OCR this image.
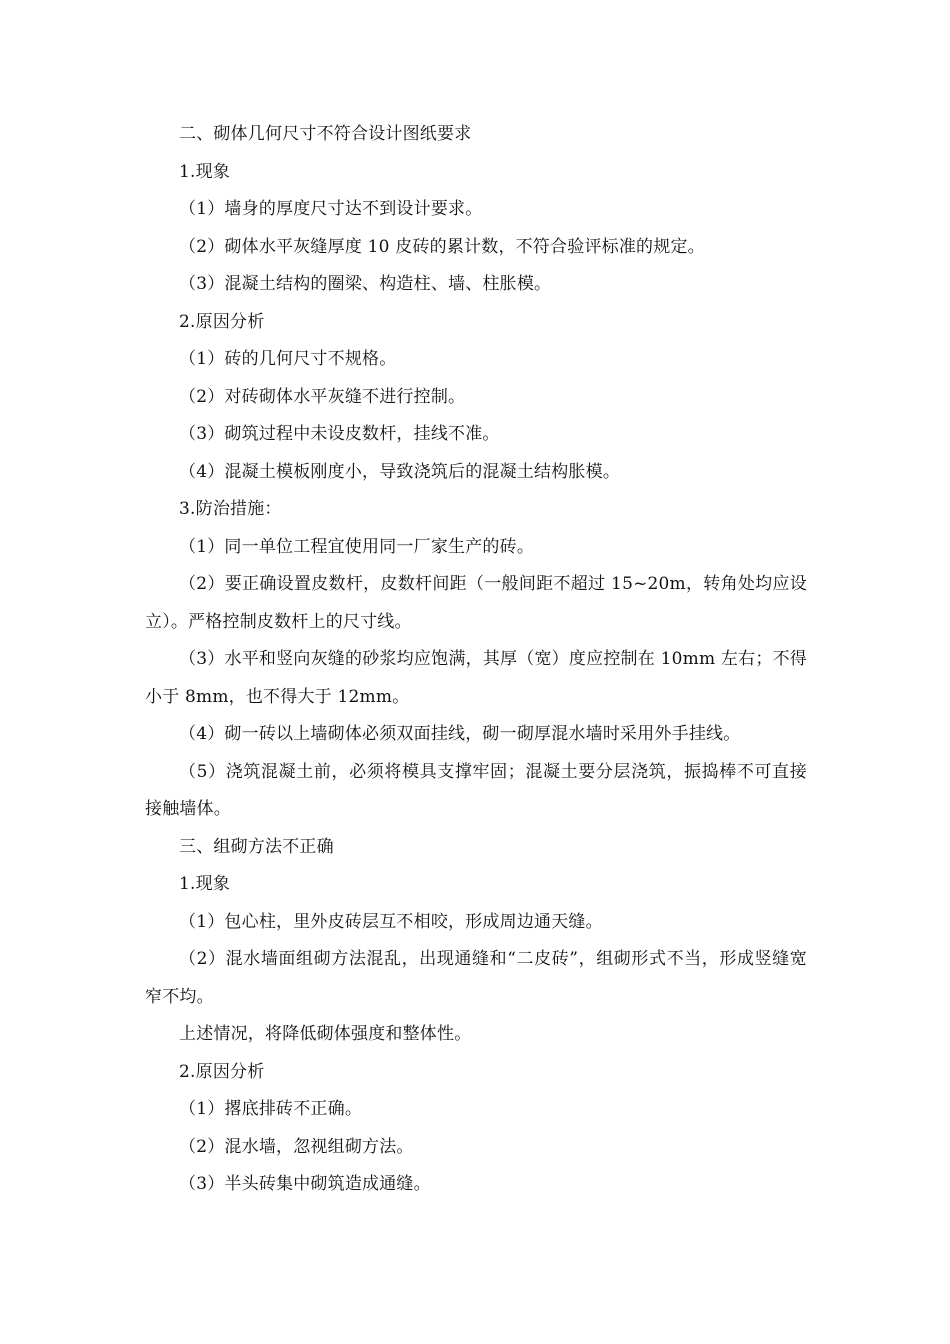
二、砌体几何尺寸不符合设计图纸要求

1.现象

（1）墙身的厚度尺寸达不到设计要求。

（2）砌体水平灰缝厚度 10 皮砖的累计数，不符合验评标准的规定。

（3）混凝土结构的圈梁、构造柱、墙、柱胀模。

2.原因分析

（1）砖的几何尺寸不规格。

（2）对砖砌体水平灰缝不进行控制。

（3）砌筑过程中未设皮数杆，挂线不准。

（4）混凝土模板刚度小，导致浇筑后的混凝土结构胀模。

3.防治措施：

（1）同一单位工程宜使用同一厂家生产的砖。

（2）要正确设置皮数杆，皮数杆间距（一般间距不超过 15~20m，转角处均应设立）。严格控制皮数杆上的尺寸线。

（3）水平和竖向灰缝的砂浆均应饱满，其厚（宽）度应控制在 10mm 左右；不得小于 8mm，也不得大于 12mm。

（4）砌一砖以上墙砌体必须双面挂线，砌一砌厚混水墙时采用外手挂线。

（5）浇筑混凝土前，必须将模具支撑牢固；混凝土要分层浇筑，振捣棒不可直接接触墙体。

三、组砌方法不正确

1.现象

（1）包心柱，里外皮砖层互不相咬，形成周边通天缝。

（2）混水墙面组砌方法混乱，出现通缝和“二皮砖”，组砌形式不当，形成竖缝宽窄不均。

上述情况，将降低砌体强度和整体性。

2.原因分析

（1）撂底排砖不正确。

（2）混水墙，忽视组砌方法。

（3）半头砖集中砌筑造成通缝。
